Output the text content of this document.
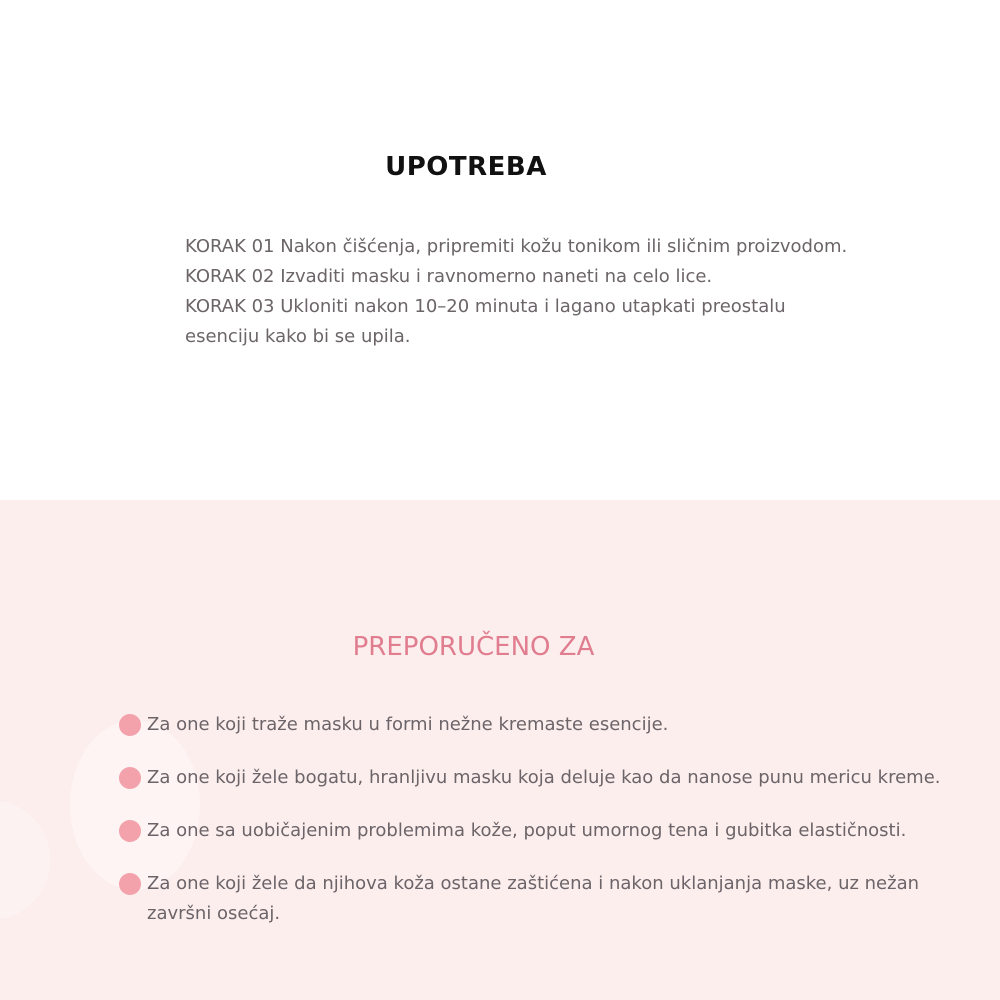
UPOTREBA
KORAK 01 Nakon čišćenja, pripremiti kožu tonikom ili sličnim proizvodom.
KORAK 02 Izvaditi masku i ravnomerno naneti na celo lice.
KORAK 03 Ukloniti nakon 10–20 minuta i lagano utapkati preostalu esenciju kako bi se upila.
PREPORUČENO ZA
Za one koji traže masku u formi nežne kremaste esencije.
Za one koji žele bogatu, hranljivu masku koja deluje kao da nanose punu mericu kreme.
Za one sa uobičajenim problemima kože, poput umornog tena i gubitka elastičnosti.
Za one koji žele da njihova koža ostane zaštićena i nakon uklanjanja maske, uz nežan završni osećaj.
